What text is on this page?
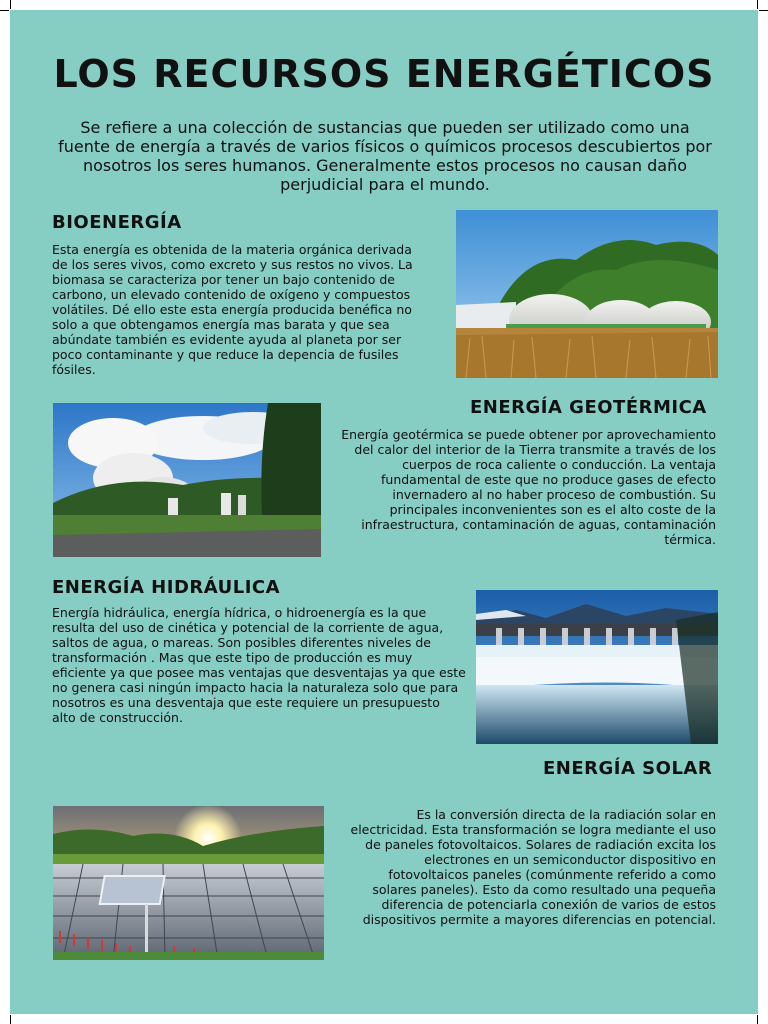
LOS RECURSOS ENERGÉTICOS
Se refiere a una colección de sustancias que pueden ser utilizado como una fuente de energía a través de varios físicos o químicos procesos descubiertos por nosotros los seres humanos. Generalmente estos procesos no causan daño perjudicial para el mundo.
BIOENERGÍA
Esta energía es obtenida de la materia orgánica derivada de los seres vivos, como excreto y sus restos no vivos. La biomasa se caracteriza por tener un bajo contenido de carbono, un elevado contenido de oxígeno y compuestos volátiles. Dé ello este esta energía producida benéfica no solo a que obtengamos energía mas barata y que sea abúndate también es evidente ayuda al planeta por ser poco contaminante y que reduce la depencia de fusiles fósiles.
ENERGÍA GEOTÉRMICA
Energía geotérmica se puede obtener por aprovechamiento del calor del interior de la Tierra transmite a través de los cuerpos de roca caliente o conducción. La ventaja fundamental de este que no produce gases de efecto invernadero al no haber proceso de combustión. Su principales inconvenientes son es el alto coste de la infraestructura, contaminación de aguas, contaminación térmica.
ENERGÍA HIDRÁULICA
Energía hidráulica, energía hídrica, o hidroenergía es la que resulta del uso de cinética y potencial de la corriente de agua, saltos de agua, o mareas. Son posibles diferentes niveles de transformación . Mas que este tipo de producción es muy eficiente ya que posee mas ventajas que desventajas ya que este no genera casi ningún impacto hacia la naturaleza solo que para nosotros es una desventaja que este requiere un presupuesto alto de construcción.
ENERGÍA SOLAR
Es la conversión directa de la radiación solar en electricidad. Esta transformación se logra mediante el uso de paneles fotovoltaicos. Solares de radiación excita los electrones en un semiconductor dispositivo en fotovoltaicos paneles (comúnmente referido a como solares paneles). Esto da como resultado una pequeña diferencia de potenciarla conexión de varios de estos dispositivos permite a mayores diferencias en potencial.
